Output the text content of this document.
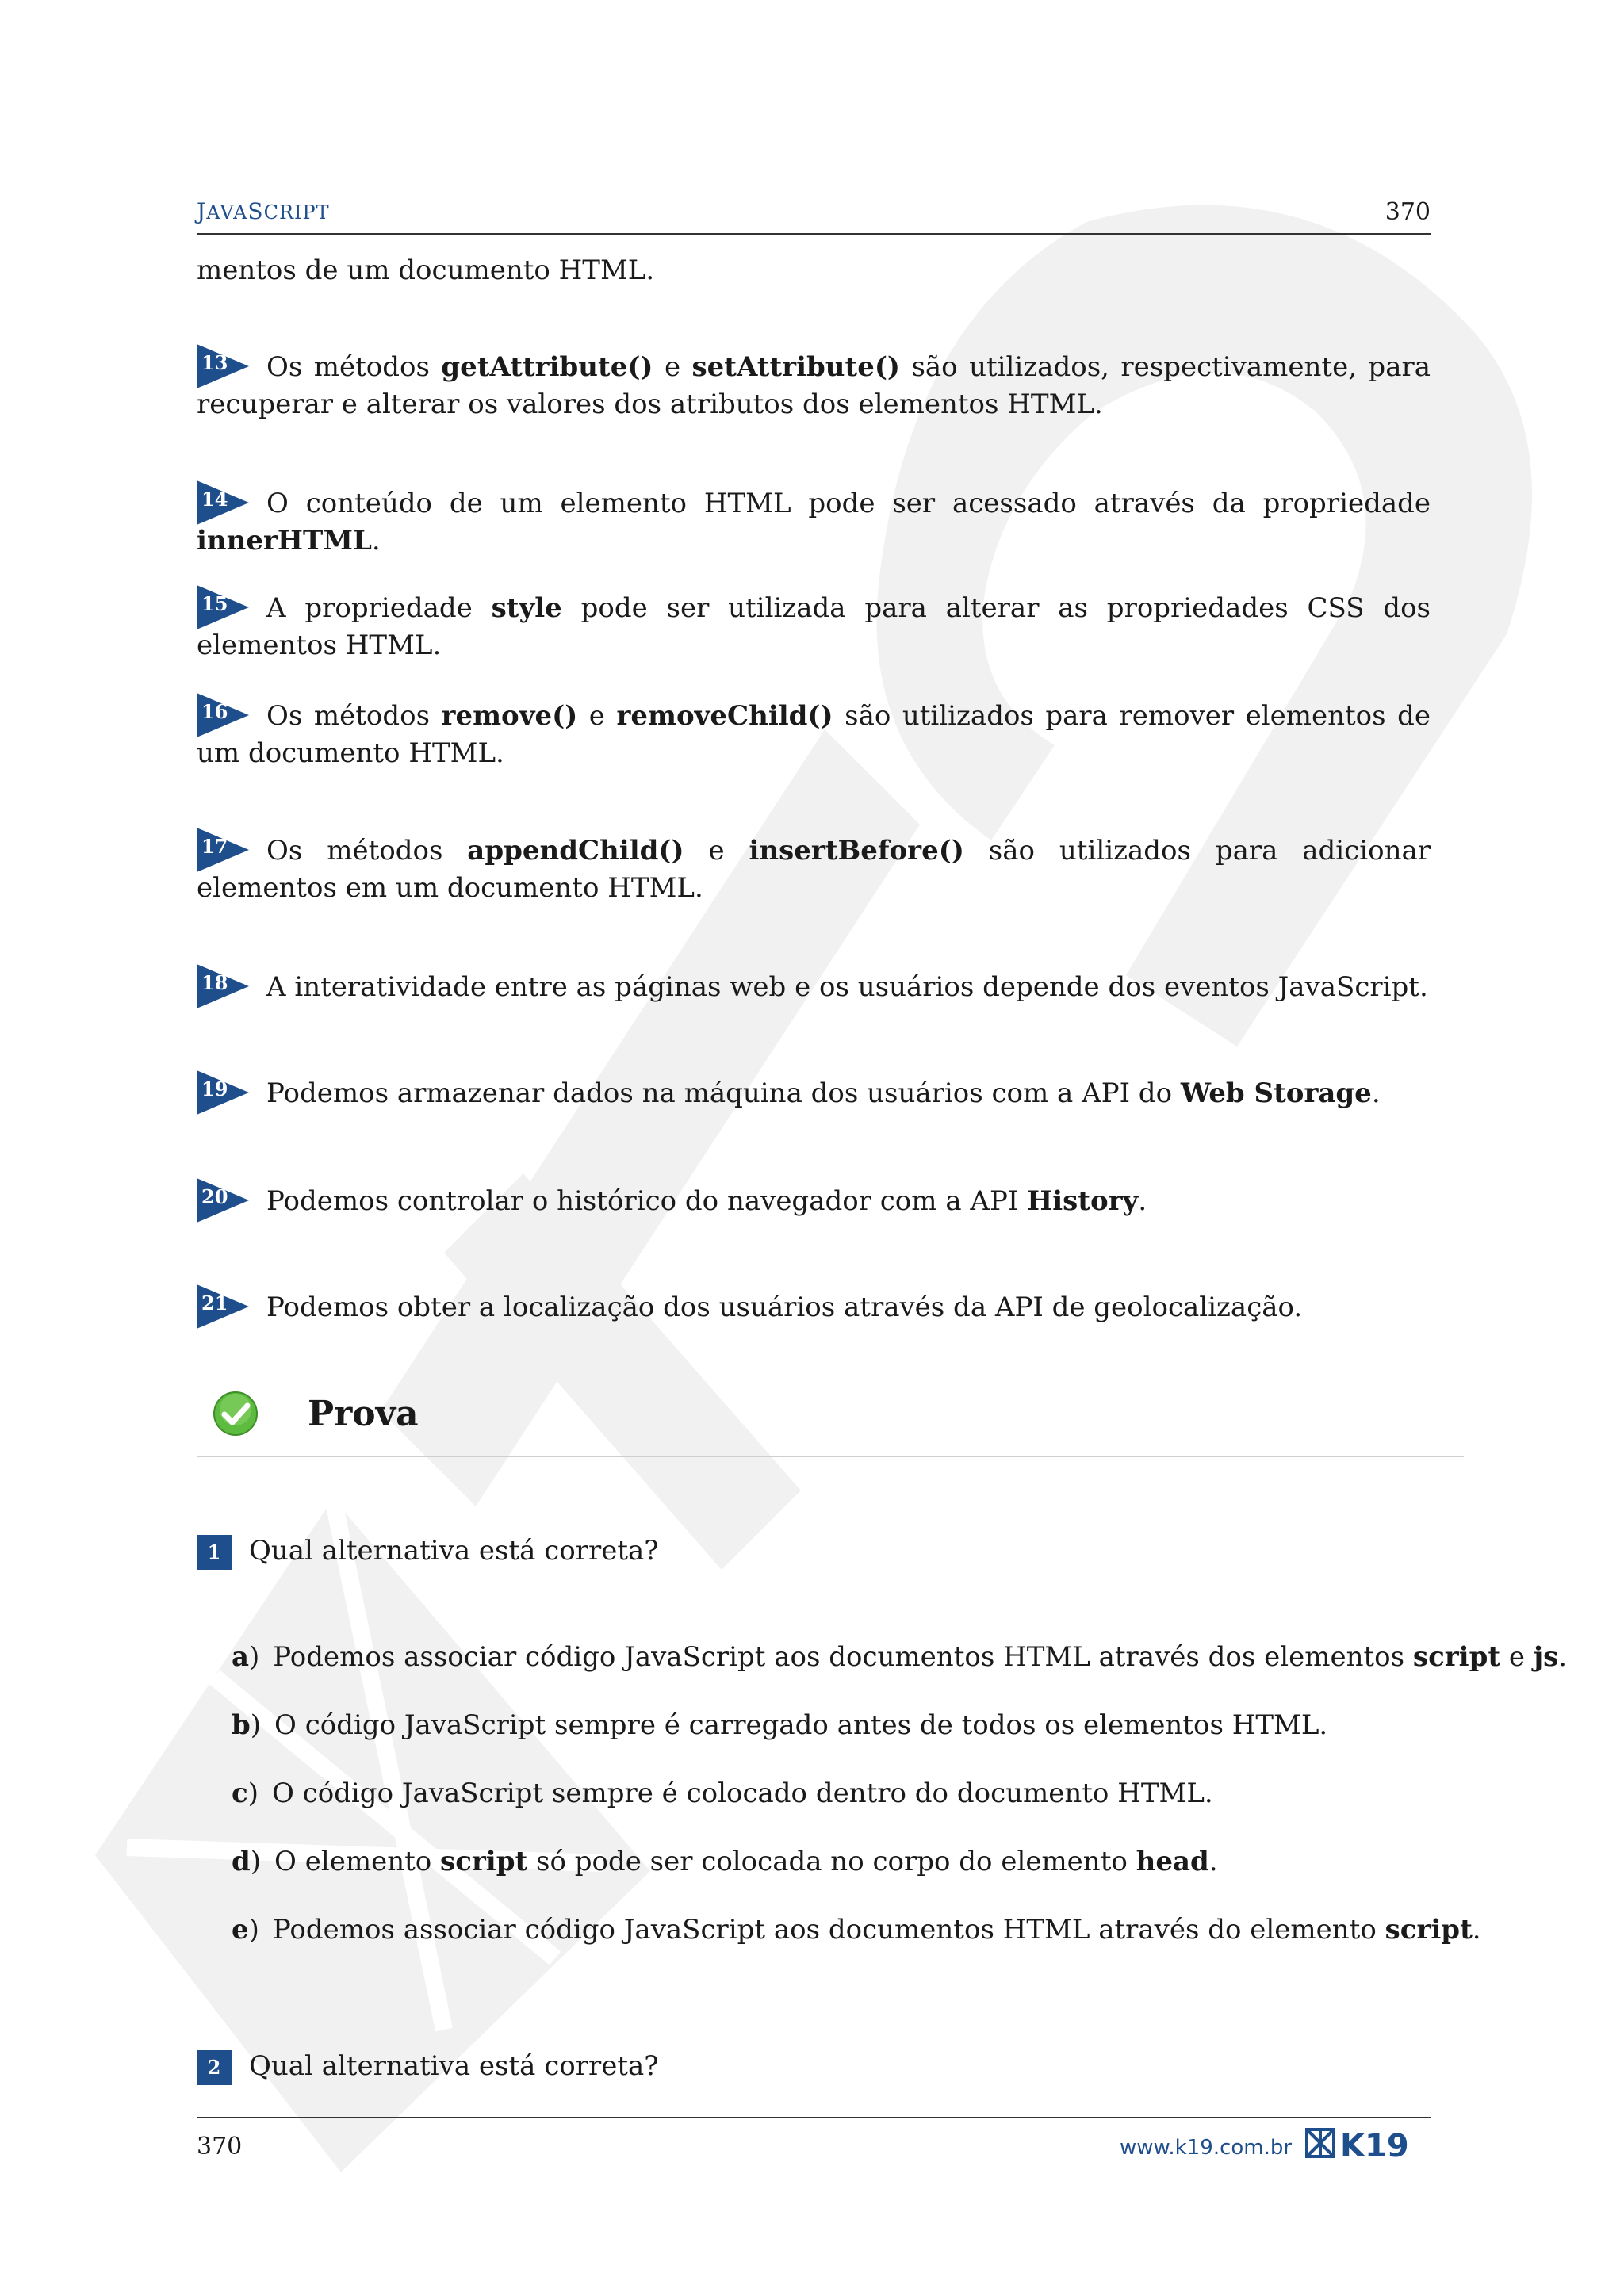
JAVASCRIPT	370
mentos de um documento HTML.
13	Os métodos getAttribute() e setAttribute() são utilizados, respectivamente, para recuperar e alterar os valores dos atributos dos elementos HTML.
14	O conteúdo de um elemento HTML pode ser acessado através da propriedade innerHTML.
15	A propriedade style pode ser utilizada para alterar as propriedades CSS dos elementos HTML.
16	Os métodos remove() e removeChild() são utilizados para remover elementos de um documento HTML.
17	Os métodos appendChild() e insertBefore() são utilizados para adicionar elementos em um documento HTML.
18	A interatividade entre as páginas web e os usuários depende dos eventos JavaScript.
19	Podemos armazenar dados na máquina dos usuários com a API do Web Storage.
20	Podemos controlar o histórico do navegador com a API History.
21	Podemos obter a localização dos usuários através da API de geolocalização.
Prova
1	Qual alternativa está correta?
a) Podemos associar código JavaScript aos documentos HTML através dos elementos script e js.
b) O código JavaScript sempre é carregado antes de todos os elementos HTML.
c) O código JavaScript sempre é colocado dentro do documento HTML.
d) O elemento script só pode ser colocada no corpo do elemento head.
e) Podemos associar código JavaScript aos documentos HTML através do elemento script.
2	Qual alternativa está correta?
370	www.k19.com.br K19
